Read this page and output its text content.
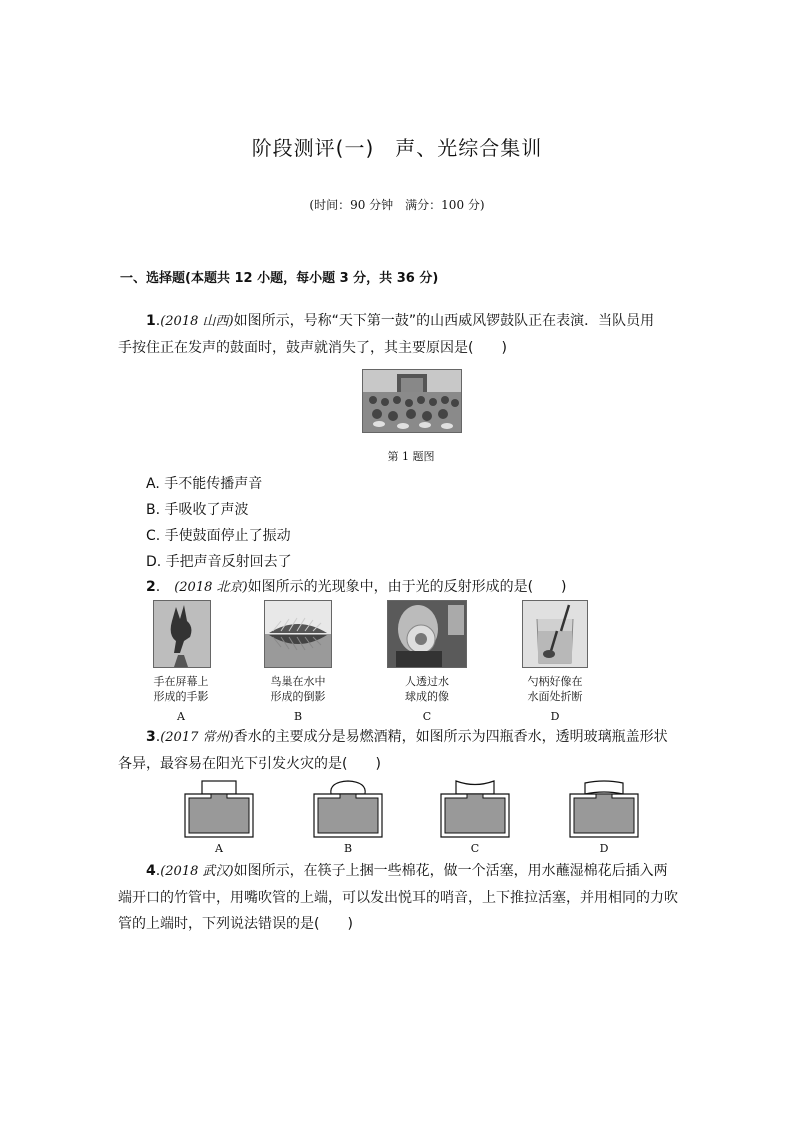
阶段测评(一)　声、光综合集训
(时间：90 分钟　满分：100 分)
一、选择题(本题共 12 小题，每小题 3 分，共 36 分)
1.(2018 山西)如图所示，号称“天下第一鼓”的山西威风锣鼓队正在表演．当队员用
手按住正在发声的鼓面时，鼓声就消失了，其主要原因是(　　)
第 1 题图
A. 手不能传播声音
B. 手吸收了声波
C. 手使鼓面停止了振动
D. 手把声音反射回去了
2.　(2018 北京)如图所示的光现象中，由于光的反射形成的是(　　)
手在屏幕上
形成的手影
鸟巢在水中
形成的倒影
人透过水
球成的像
勺柄好像在
水面处折断
A	B	C	D
3.(2017 常州)香水的主要成分是易燃酒精，如图所示为四瓶香水，透明玻璃瓶盖形状
各异，最容易在阳光下引发火灾的是(　　)
A	B	C	D
4.(2018 武汉)如图所示，在筷子上捆一些棉花，做一个活塞，用水蘸湿棉花后插入两
端开口的竹管中，用嘴吹管的上端，可以发出悦耳的哨音，上下推拉活塞，并用相同的力吹
管的上端时，下列说法错误的是(　　)
